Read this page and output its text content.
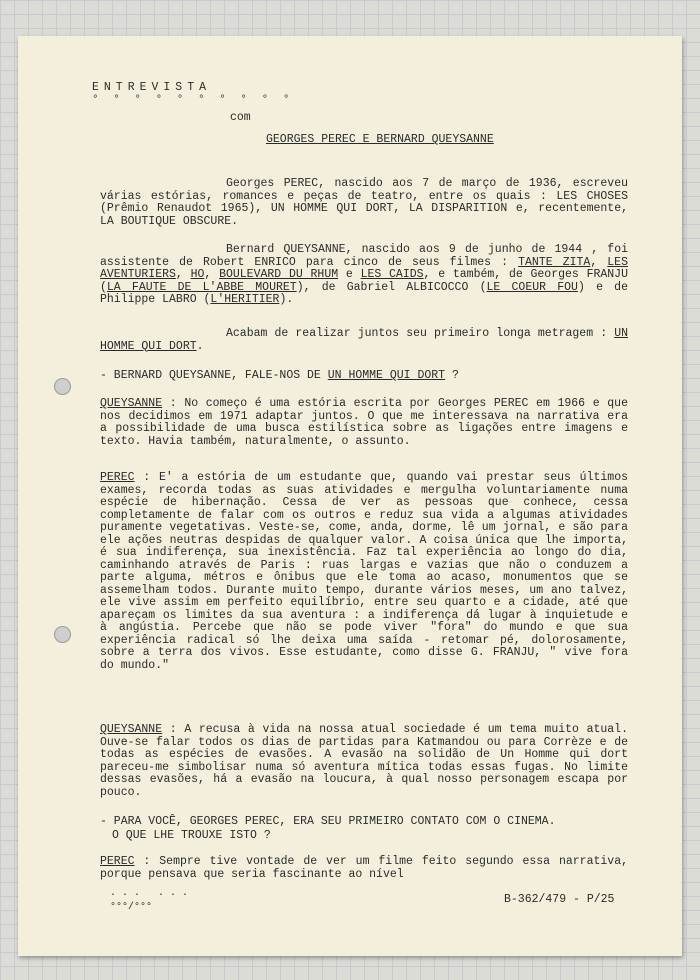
ENTREVISTA
° ° ° ° ° ° ° ° ° °
com
GEORGES PEREC E BERNARD QUEYSANNE
Georges PEREC, nascido aos 7 de março de 1936, escreveu várias estórias, romances e peças de teatro, entre os quais : LES CHOSES (Prêmio Renaudot 1965), UN HOMME QUI DORT, LA DISPARITION e, recentemente, LA BOUTIQUE OBSCURE.
Bernard QUEYSANNE, nascido aos 9 de junho de 1944 , foi assistente de Robert ENRICO para cinco de seus filmes : TANTE ZITA, LES AVENTURIERS, HO, BOULEVARD DU RHUM e LES CAIDS, e também, de Georges FRANJU (LA FAUTE DE L'ABBE MOURET), de Gabriel ALBICOCCO (LE COEUR FOU) e de Philippe LABRO (L'HERITIER).
Acabam de realizar juntos seu primeiro longa metragem : UN HOMME QUI DORT.
- BERNARD QUEYSANNE, FALE-NOS DE UN HOMME QUI DORT ?
QUEYSANNE : No começo é uma estória escrita por Georges PEREC em 1966 e que nos decidimos em 1971 adaptar juntos. O que me interessava na narrativa era a possibilidade de uma busca estilística sobre as ligações entre imagens e texto. Havia também, naturalmente, o assunto.
PEREC : E' a estória de um estudante que, quando vai prestar seus últimos exames, recorda todas as suas atividades e mergulha voluntariamente numa espécie de hibernação. Cessa de ver as pessoas que conhece, cessa completamente de falar com os outros e reduz sua vida a algumas atividades puramente vegetativas. Veste-se, come, anda, dorme, lê um jornal, e são para ele ações neutras despidas de qualquer valor. A coisa única que lhe importa, é sua indiferença, sua inexistência. Faz tal experiência ao longo do dia, caminhando através de Paris : ruas largas e vazias que não o conduzem a parte alguma, métros e ônibus que ele toma ao acaso, monumentos que se assemelham todos. Durante muito tempo, durante vários meses, um ano talvez, ele vive assim em perfeito equilíbrio, entre seu quarto e a cidade, até que apareçam os limites da sua aventura : a indiferença dá lugar à inquietude e à angústia. Percebe que não se pode viver "fora" do mundo e que sua experiência radical só lhe deixa uma saída - retomar pé, dolorosamente, sobre a terra dos vivos. Esse estudante, como disse G. FRANJU, " vive fora do mundo."
QUEYSANNE : A recusa à vida na nossa atual sociedade é um tema muito atual. Ouve-se falar todos os dias de partidas para Katmandou ou para Corrèze e de todas as espécies de evasões. A evasão na solidão de Un Homme qui dort pareceu-me simbolisar numa só aventura mítica todas essas fugas. No limite dessas evasões, há a evasão na loucura, à qual nosso personagem escapa por pouco.
- PARA VOCÊ, GEORGES PEREC, ERA SEU PRIMEIRO CONTATO COM O CINEMA.
O QUE LHE TROUXE ISTO ?
PEREC : Sempre tive vontade de ver um filme feito segundo essa narrativa, porque pensava que seria fascinante ao nível
. . .   . . .
°°°/°°°
B-362/479 - P/25
